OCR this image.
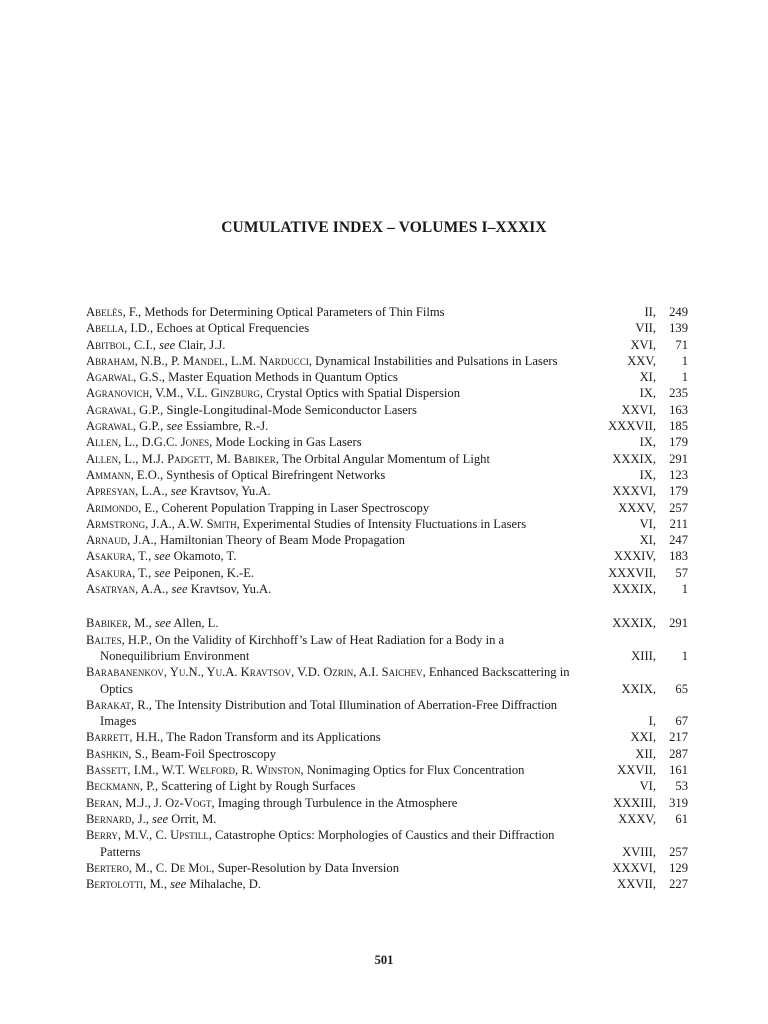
CUMULATIVE INDEX – VOLUMES I–XXXIX
Abelès, F., Methods for Determining Optical Parameters of Thin Films	II,	249
Abella, I.D., Echoes at Optical Frequencies	VII,	139
Abitbol, C.I., see Clair, J.J.	XVI,	71
Abraham, N.B., P. Mandel, L.M. Narducci, Dynamical Instabilities and Pulsations in Lasers	XXV,	1
Agarwal, G.S., Master Equation Methods in Quantum Optics	XI,	1
Agranovich, V.M., V.L. Ginzburg, Crystal Optics with Spatial Dispersion	IX,	235
Agrawal, G.P., Single-Longitudinal-Mode Semiconductor Lasers	XXVI,	163
Agrawal, G.P., see Essiambre, R.-J.	XXXVII,	185
Allen, L., D.G.C. Jones, Mode Locking in Gas Lasers	IX,	179
Allen, L., M.J. Padgett, M. Babiker, The Orbital Angular Momentum of Light	XXXIX,	291
Ammann, E.O., Synthesis of Optical Birefringent Networks	IX,	123
Apresyan, L.A., see Kravtsov, Yu.A.	XXXVI,	179
Arimondo, E., Coherent Population Trapping in Laser Spectroscopy	XXXV,	257
Armstrong, J.A., A.W. Smith, Experimental Studies of Intensity Fluctuations in Lasers	VI,	211
Arnaud, J.A., Hamiltonian Theory of Beam Mode Propagation	XI,	247
Asakura, T., see Okamoto, T.	XXXIV,	183
Asakura, T., see Peiponen, K.-E.	XXXVII,	57
Asatryan, A.A., see Kravtsov, Yu.A.	XXXIX,	1
Babiker, M., see Allen, L.	XXXIX,	291
Baltes, H.P., On the Validity of Kirchhoff’s Law of Heat Radiation for a Body in a Nonequilibrium Environment	XIII,	1
Barabanenkov, Yu.N., Yu.A. Kravtsov, V.D. Ozrin, A.I. Saichev, Enhanced Backscattering in Optics	XXIX,	65
Barakat, R., The Intensity Distribution and Total Illumination of Aberration-Free Diffraction Images	I,	67
Barrett, H.H., The Radon Transform and its Applications	XXI,	217
Bashkin, S., Beam-Foil Spectroscopy	XII,	287
Bassett, I.M., W.T. Welford, R. Winston, Nonimaging Optics for Flux Concentration	XXVII,	161
Beckmann, P., Scattering of Light by Rough Surfaces	VI,	53
Beran, M.J., J. Oz-Vogt, Imaging through Turbulence in the Atmosphere	XXXIII,	319
Bernard, J., see Orrit, M.	XXXV,	61
Berry, M.V., C. Upstill, Catastrophe Optics: Morphologies of Caustics and their Diffraction Patterns	XVIII,	257
Bertero, M., C. De Mol, Super-Resolution by Data Inversion	XXXVI,	129
Bertolotti, M., see Mihalache, D.	XXVII,	227
501
